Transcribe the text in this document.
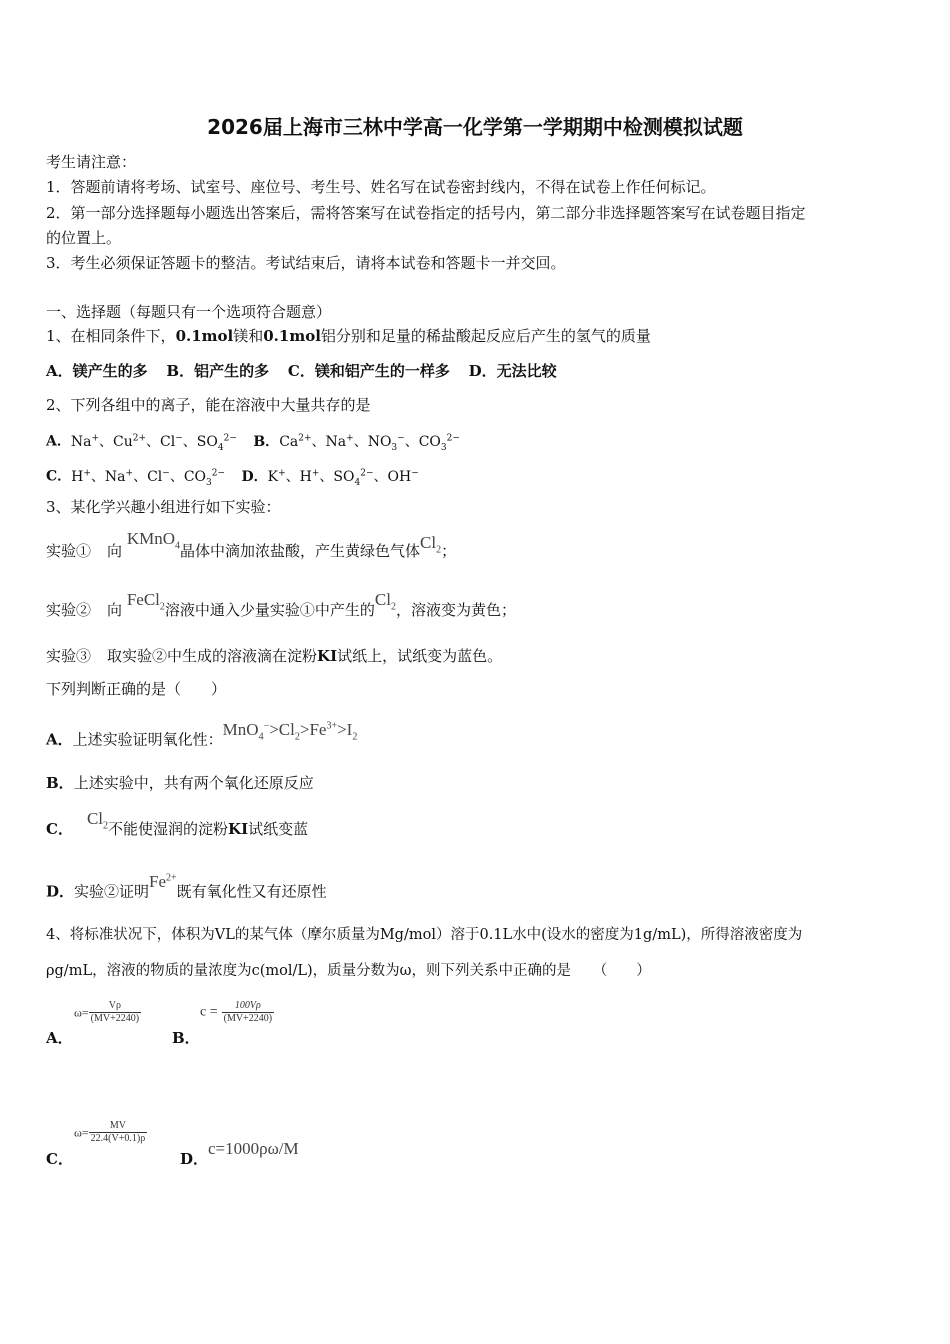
2026届上海市三林中学高一化学第一学期期中检测模拟试题
考生请注意：
1．答题前请将考场、试室号、座位号、考生号、姓名写在试卷密封线内，不得在试卷上作任何标记。
2．第一部分选择题每小题选出答案后，需将答案写在试卷指定的括号内，第二部分非选择题答案写在试卷题目指定
的位置上。
3．考生必须保证答题卡的整洁。考试结束后，请将本试卷和答题卡一并交回。
一、选择题（每题只有一个选项符合题意）
1、在相同条件下，0.1mol镁和0.1mol铝分别和足量的稀盐酸起反应后产生的氢气的质量
A．镁产生的多 B．铝产生的多 C．镁和铝产生的一样多 D．无法比较
2、下列各组中的离子，能在溶液中大量共存的是
A．Na+、$Cu^{2+}$、Cl−、$SO_4^{2-}$ B．$Ca^{2+}$、Na+、$NO_3^-$、$CO_3^{2-}$
C．H+、Na+、Cl−、$CO_3^{2-}$ D．K+、H+、$SO_4^{2-}$、OH−
3、某化学兴趣小组进行如下实验：
实验① 向 KMnO$_4$晶体中滴加浓盐酸，产生黄绿色气体$Cl_2$；
实验② 向 FeCl$_2$溶液中通入少量实验①中产生的$Cl_2$，溶液变为黄色；
实验③ 取实验②中生成的溶液滴在淀粉KI试纸上，试纸变为蓝色。
下列判断正确的是（　　）
A．上述实验证明氧化性：$MnO_4^->Cl_2>Fe^{3+}>I_2$
B．上述实验中，共有两个氧化还原反应
C．$Cl_2$不能使湿润的淀粉KI试纸变蓝
D．实验②证明$Fe^{2+}$既有氧化性又有还原性
4、将标准状况下，体积为VL的某气体（摩尔质量为Mg/mol）溶于0.1L水中(设水的密度为1g/mL)，所得溶液密度为
ρg/mL，溶液的物质的量浓度为c(mol/L)，质量分数为ω，则下列关系中正确的是　　（　　）
A．
$\omega= \frac{V\rho}{(MV+2240)}$
B．
$c = \frac{100V\rho}{(MV+2240)}$
C．
$\omega= \frac{MV}{22.4(V+0.1)\rho}$
D．
c=1000ρω/M
